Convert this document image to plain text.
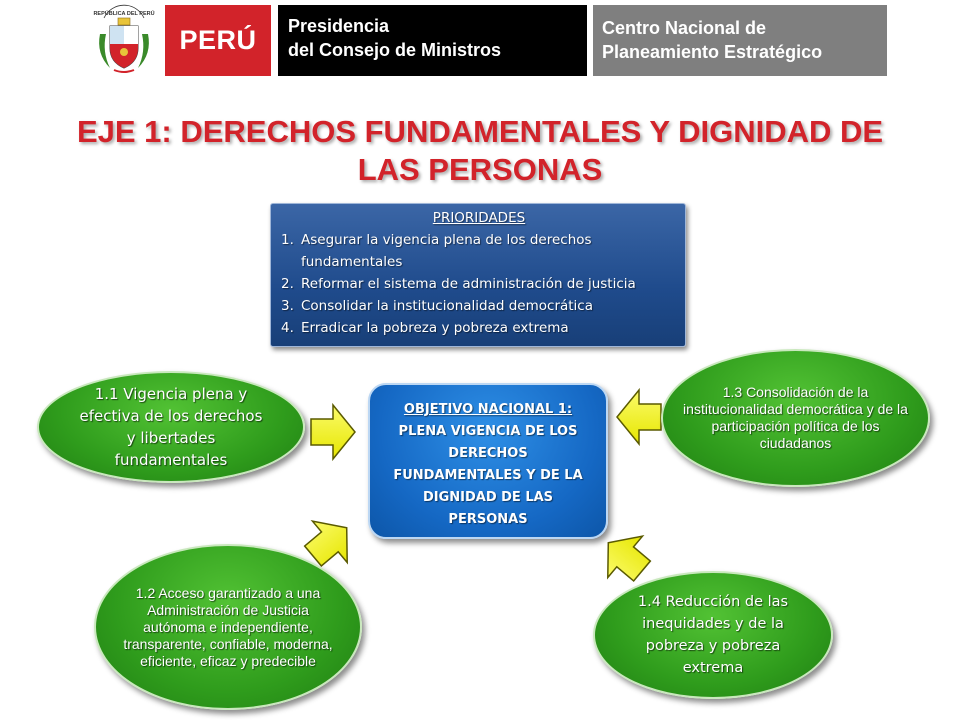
REPÚBLICA DEL PERÚ
PERÚ Presidencia
del Consejo de Ministros
Centro Nacional de
Planeamiento Estratégico
EJE 1: DERECHOS FUNDAMENTALES Y DIGNIDAD DE
LAS PERSONAS
PRIORIDADES
1. Asegurar la vigencia plena de los derechos fundamentales
2. Reformar el sistema de administración de justicia
3. Consolidar la institucionalidad democrática
4. Erradicar la pobreza y pobreza extrema
OBJETIVO NACIONAL 1:
PLENA VIGENCIA DE LOS DERECHOS FUNDAMENTALES Y DE LA DIGNIDAD DE LAS PERSONAS
1.1 Vigencia plena y efectiva de los derechos y libertades fundamentales
1.3 Consolidación de la institucionalidad democrática y de la participación política de los ciudadanos
1.2 Acceso garantizado a una Administración de Justicia autónoma e independiente, transparente, confiable, moderna, eficiente, eficaz y predecible
1.4 Reducción de las inequidades y de la pobreza y pobreza extrema
